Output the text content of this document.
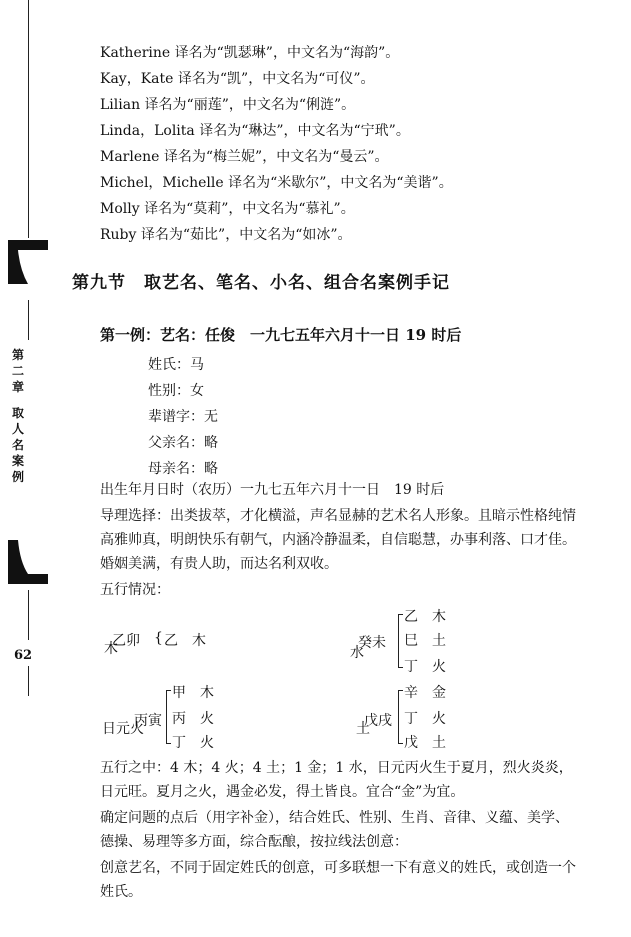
第
二
章
取
人
名
案
例
62
Katherine 译名为“凯瑟琳”，中文名为“海韵”。
Kay，Kate 译名为“凯”，中文名为“可仪”。
Lilian 译名为“丽莲”，中文名为“俐涟”。
Linda，Lolita 译名为“琳达”，中文名为“宁玳”。
Marlene 译名为“梅兰妮”，中文名为“曼云”。
Michel，Michelle 译名为“米歇尔”，中文名为“美谐”。
Molly 译名为“莫莉”，中文名为“慕礼”。
Ruby 译名为“茹比”，中文名为“如冰”。
第九节　取艺名、笔名、小名、组合名案例手记
第一例：艺名：任俊　一九七五年六月十一日 19 时后
姓氏：马
性别：女
辈谱字：无
父亲名：略
母亲名：略
出生年月日时（农历）一九七五年六月十一日　19 时后
导理选择：出类拔萃，才化横溢，声名显赫的艺术名人形象。且暗示性格纯情高雅帅真，明朗快乐有朝气，内涵冷静温柔，自信聪慧，办事利落、口才佳。婚姻美满，有贵人助，而达名利双收。
五行情况：
木
乙卯 { 乙　木
水
癸未
乙　木
巳　土
丁　火
日元火
丙寅
甲　木
丙　火
丁　火
土
戊戌
辛　金
丁　火
戊　土
五行之中：4 木；4 火；4 土；1 金；1 水，日元丙火生于夏月，烈火炎炎，日元旺。夏月之火，遇金必发，得土皆良。宜合“金”为宜。
确定问题的点后（用字补金），结合姓氏、性别、生肖、音律、义蕴、美学、德操、易理等多方面，综合酝酿，按拉线法创意：
创意艺名，不同于固定姓氏的创意，可多联想一下有意义的姓氏，或创造一个姓氏。
